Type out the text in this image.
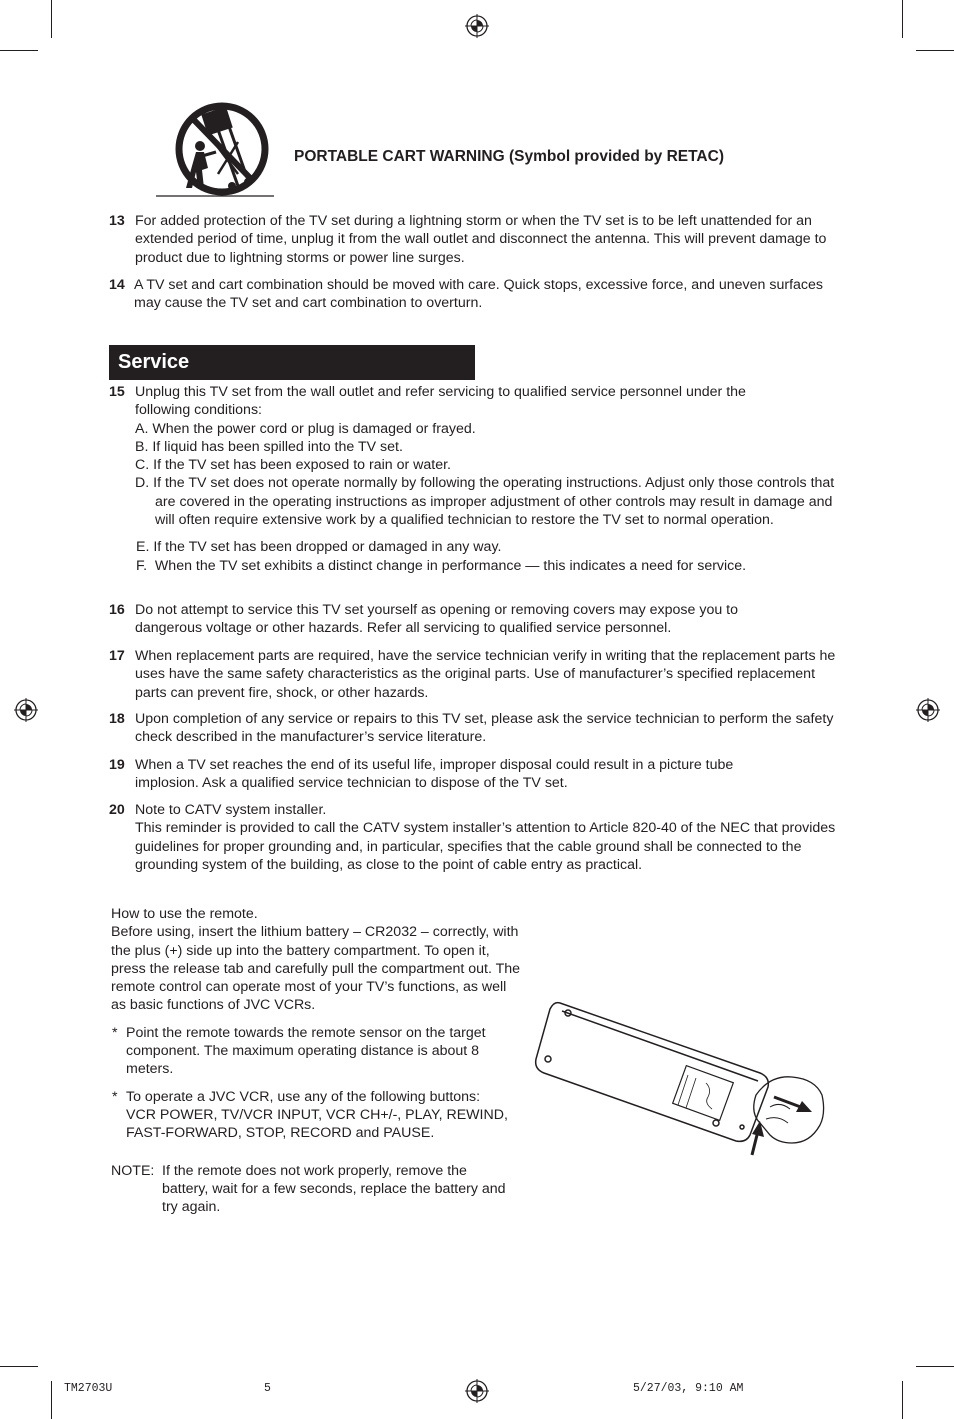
PORTABLE CART WARNING (Symbol provided by RETAC)
13 For added protection of the TV set during a lightning storm or when the TV set is to be left unattended for an extended period of time, unplug it from the wall outlet and disconnect the antenna. This will prevent damage to product due to lightning storms or power line surges.
14 A TV set and cart combination should be moved with care. Quick stops, excessive force, and uneven surfaces may cause the TV set and cart combination to overturn.
Service
15 Unplug this TV set from the wall outlet and refer servicing to qualified service personnel under the following conditions:
A. When the power cord or plug is damaged or frayed.
B. If liquid has been spilled into the TV set.
C. If the TV set has been exposed to rain or water.
D. If the TV set does not operate normally by following the operating instructions. Adjust only those controls that are covered in the operating instructions as improper adjustment of other controls may result in damage and will often require extensive work by a qualified technician to restore the TV set to normal operation.
E. If the TV set has been dropped or damaged in any way.
F.  When the TV set exhibits a distinct change in performance — this indicates a need for service.
16 Do not attempt to service this TV set yourself as opening or removing covers may expose you to dangerous voltage or other hazards. Refer all servicing to qualified service personnel.
17 When replacement parts are required, have the service technician verify in writing that the replacement parts he uses have the same safety characteristics as the original parts. Use of manufacturer’s specified replacement parts can prevent fire, shock, or other hazards.
18 Upon completion of any service or repairs to this TV set, please ask the service technician to perform the safety check described in the manufacturer’s service literature.
19 When a TV set reaches the end of its useful life, improper disposal could result in a picture tube implosion. Ask a qualified service technician to dispose of the TV set.
20 Note to CATV system installer.
This reminder is provided to call the CATV system installer’s attention to Article 820-40 of the NEC that provides guidelines for proper grounding and, in particular, specifies that the cable ground shall be connected to the grounding system of the building, as close to the point of cable entry as practical.
How to use the remote.
Before using, insert the lithium battery – CR2032 – correctly, with the plus (+) side up into the battery compartment. To open it, press the release tab and carefully pull the compartment out. The remote control can operate most of your TV’s functions, as well as basic functions of JVC VCRs.
* Point the remote towards the remote sensor on the target component. The maximum operating distance is about 8 meters.
* To operate a JVC VCR, use any of the following buttons: VCR POWER, TV/VCR INPUT, VCR CH+/-, PLAY, REWIND, FAST-FORWARD, STOP, RECORD and PAUSE.
NOTE: If the remote does not work properly, remove the battery, wait for a few seconds, replace the battery and try again.
TM2703U	5	5/27/03, 9:10 AM
